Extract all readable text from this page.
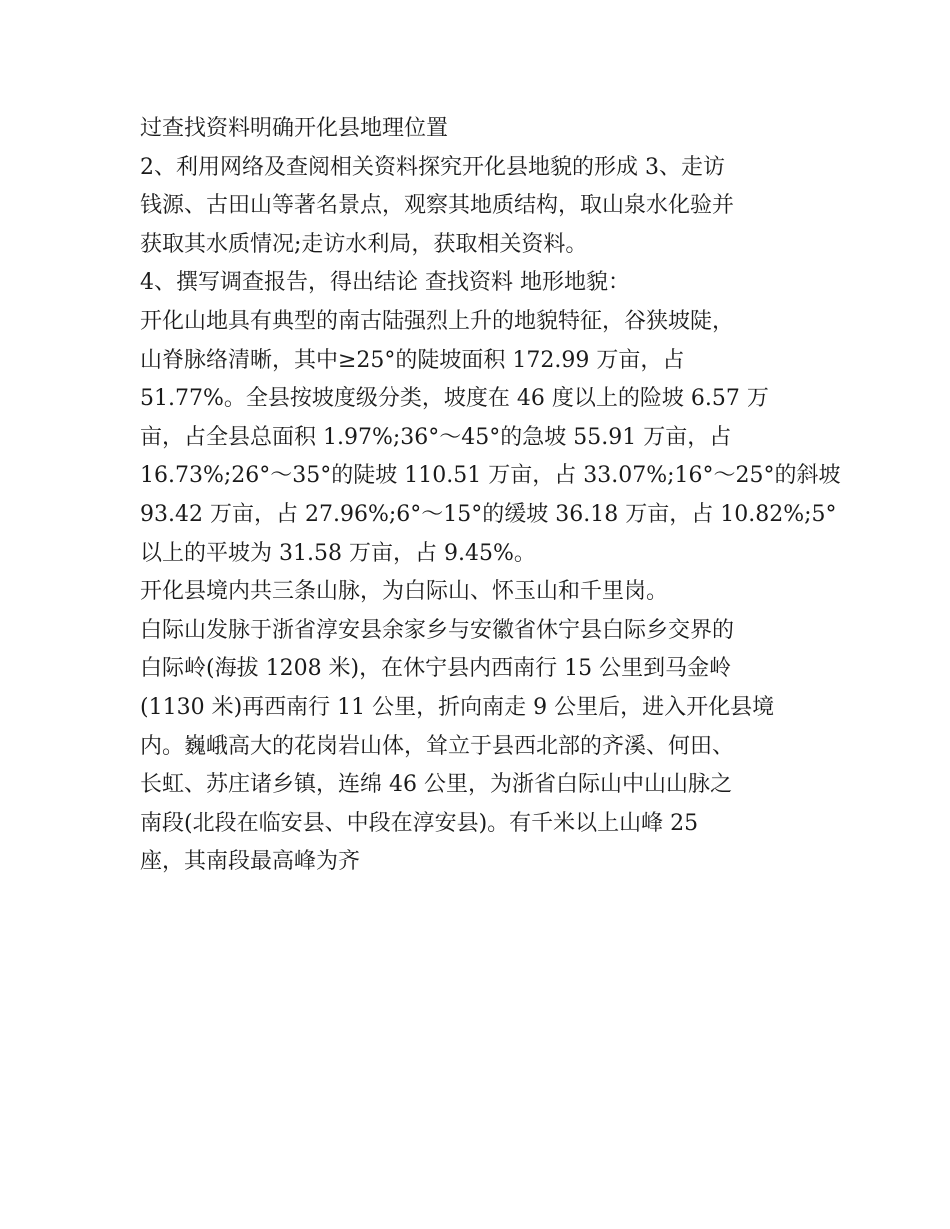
过查找资料明确开化县地理位置
2、利用网络及查阅相关资料探究开化县地貌的形成 3、走访
钱源、古田山等著名景点，观察其地质结构，取山泉水化验并
获取其水质情况;走访水利局，获取相关资料。
4、撰写调查报告，得出结论 查找资料 地形地貌：
开化山地具有典型的南古陆强烈上升的地貌特征，谷狭坡陡，
山脊脉络清晰，其中≥25°的陡坡面积 172.99 万亩，占
51.77%。全县按坡度级分类，坡度在 46 度以上的险坡 6.57 万
亩，占全县总面积 1.97%;36°～45°的急坡 55.91 万亩，占
16.73%;26°～35°的陡坡 110.51 万亩，占 33.07%;16°～25°的斜坡
93.42 万亩，占 27.96%;6°～15°的缓坡 36.18 万亩，占 10.82%;5°
以上的平坡为 31.58 万亩，占 9.45%。
开化县境内共三条山脉，为白际山、怀玉山和千里岗。
白际山发脉于浙省淳安县余家乡与安徽省休宁县白际乡交界的
白际岭(海拔 1208 米)，在休宁县内西南行 15 公里到马金岭
(1130 米)再西南行 11 公里，折向南走 9 公里后，进入开化县境
内。巍峨高大的花岗岩山体，耸立于县西北部的齐溪、何田、
长虹、苏庄诸乡镇，连绵 46 公里，为浙省白际山中山山脉之
南段(北段在临安县、中段在淳安县)。有千米以上山峰 25
座，其南段最高峰为齐
